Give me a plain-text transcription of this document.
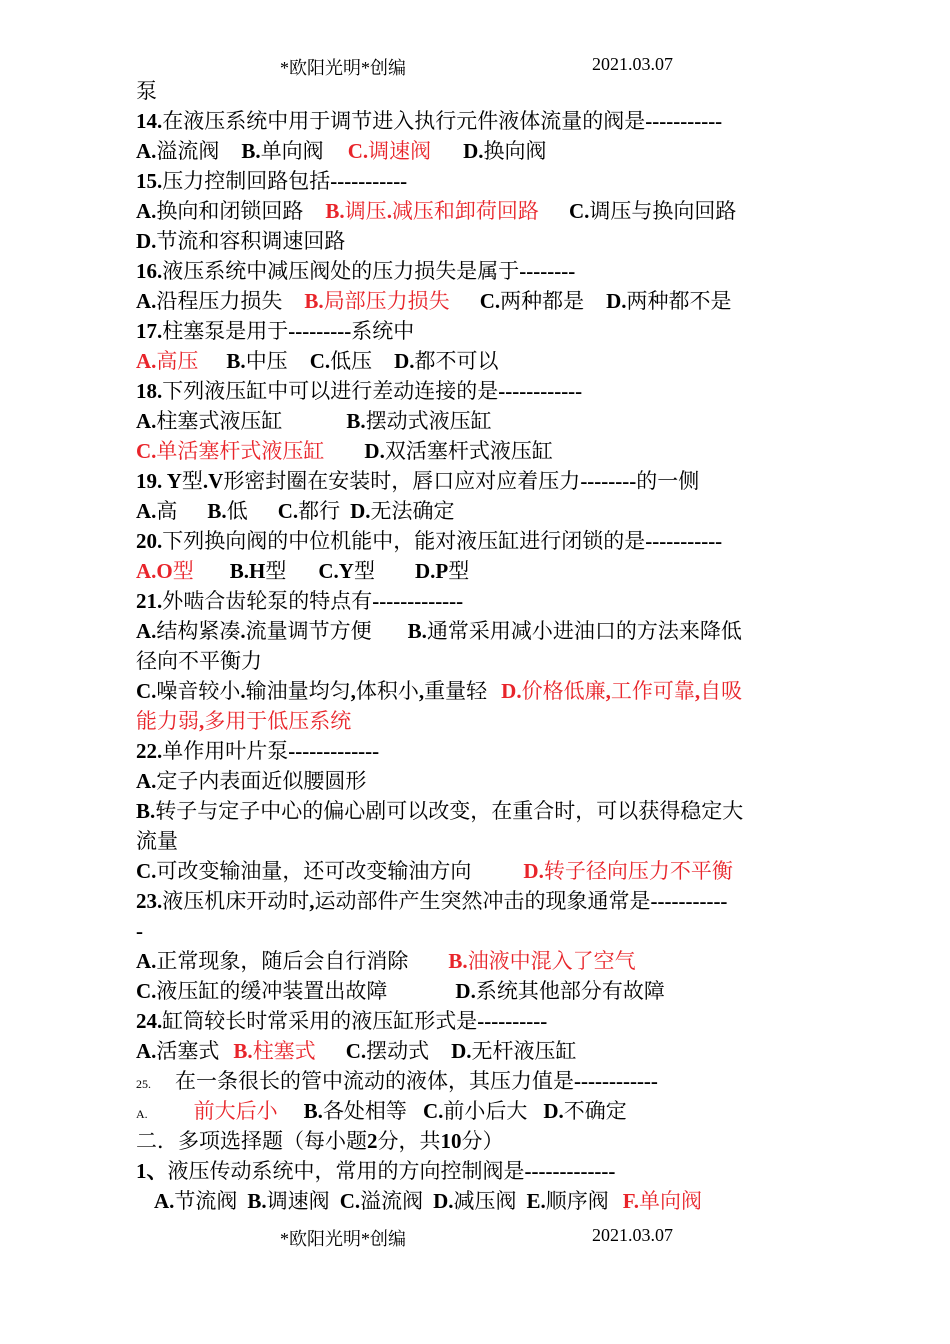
*欧阳光明*创编	2021.03.07
泵
14.在液压系统中用于调节进入执行元件液体流量的阀是-----------
A.溢流阀B.单向阀C.调速阀 D.换向阀
15.压力控制回路包括-----------
A.换向和闭锁回路B.调压.减压和卸荷回路 C.调压与换向回路
D.节流和容积调速回路
16.液压系统中减压阀处的压力损失是属于--------
A.沿程压力损失B.局部压力损失 C.两种都是D.两种都不是
17.柱塞泵是用于---------系统中
A.高压 B.中压C.低压D.都不可以
18.下列液压缸中可以进行差动连接的是------------
A.柱塞式液压缸	B.摆动式液压缸
C.单活塞杆式液压缸 D.双活塞杆式液压缸
19. Y型.V形密封圈在安装时，唇口应对应着压力--------的一侧
A.高B.低C.都行D.无法确定
20.下列换向阀的中位机能中，能对液压缸进行闭锁的是-----------
A.O型 B.H型 C.Y型 D.P型
21.外啮合齿轮泵的特点有-------------
A.结构紧凑.流量调节方便B.通常采用减小进油口的方法来降低
径向不平衡力
C.噪音较小.输油量均匀,体积小,重量轻D.价格低廉,工作可靠,自吸
能力弱,多用于低压系统
22.单作用叶片泵-------------
A.定子内表面近似腰圆形
B.转子与定子中心的偏心剧可以改变，在重合时，可以获得稳定大
流量
C.可改变输油量，还可改变输油方向 D.转子径向压力不平衡
23.液压机床开动时,运动部件产生突然冲击的现象通常是-----------
-
A.正常现象，随后会自行消除 B.油液中混入了空气
C.液压缸的缓冲装置出故障	D.系统其他部分有故障
24.缸筒较长时常采用的液压缸形式是----------
A.活塞式B.柱塞式 C.摆动式D.无杆液压缸
25. 在一条很长的管中流动的液体，其压力值是------------
A. 前大后小 B.各处相等C.前小后大D.不确定
二．多项选择题（每小题2分，共10分）
1、液压传动系统中，常用的方向控制阀是-------------
A.节流阀B.调速阀C.溢流阀D.减压阀E.顺序阀F.单向阀
*欧阳光明*创编	2021.03.07
